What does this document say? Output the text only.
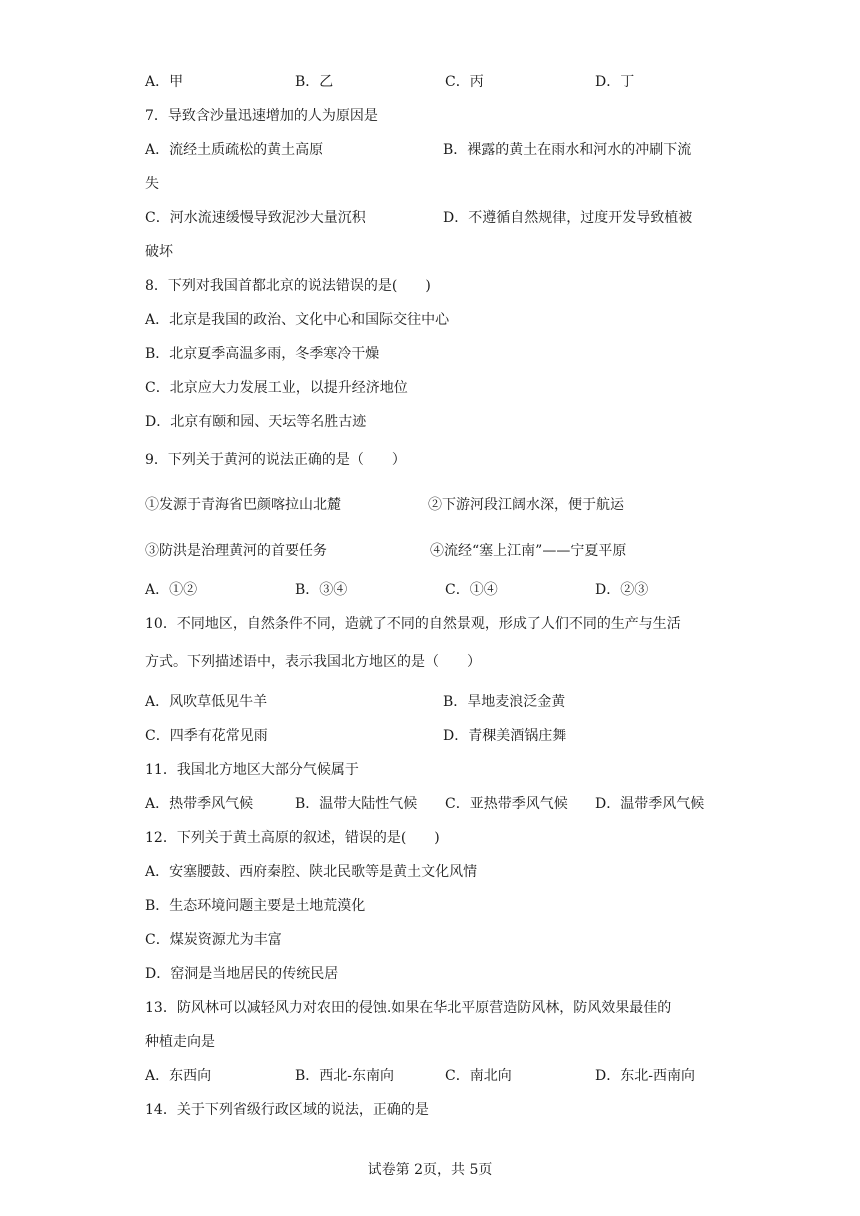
A．甲	B．乙	C．丙	D．丁
7．导致含沙量迅速增加的人为原因是
A．流经土质疏松的黄土高原	B．裸露的黄土在雨水和河水的冲刷下流
失
C．河水流速缓慢导致泥沙大量沉积	D．不遵循自然规律，过度开发导致植被
破坏
8．下列对我国首都北京的说法错误的是(　　)
A．北京是我国的政治、文化中心和国际交往中心
B．北京夏季高温多雨，冬季寒冷干燥
C．北京应大力发展工业，以提升经济地位
D．北京有颐和园、天坛等名胜古迹
9．下列关于黄河的说法正确的是（　　）
①发源于青海省巴颜喀拉山北麓	②下游河段江阔水深，便于航运
③防洪是治理黄河的首要任务	④流经“塞上江南”——宁夏平原
A．①②	B．③④	C．①④	D．②③
10．不同地区，自然条件不同，造就了不同的自然景观，形成了人们不同的生产与生活
方式。下列描述语中，表示我国北方地区的是（　　）
A．风吹草低见牛羊	B．旱地麦浪泛金黄
C．四季有花常见雨	D．青稞美酒锅庄舞
11．我国北方地区大部分气候属于
A．热带季风气候	B．温带大陆性气候 C．亚热带季风气候 D．温带季风气候
12．下列关于黄土高原的叙述，错误的是(　　)
A．安塞腰鼓、西府秦腔、陕北民歌等是黄土文化风情
B．生态环境问题主要是土地荒漠化
C．煤炭资源尤为丰富
D．窑洞是当地居民的传统民居
13．防风林可以减轻风力对农田的侵蚀.如果在华北平原营造防风林，防风效果最佳的
种植走向是
A．东西向	B．西北-东南向	C．南北向	D．东北-西南向
14．关于下列省级行政区域的说法，正确的是
试卷第 2页，共 5页
